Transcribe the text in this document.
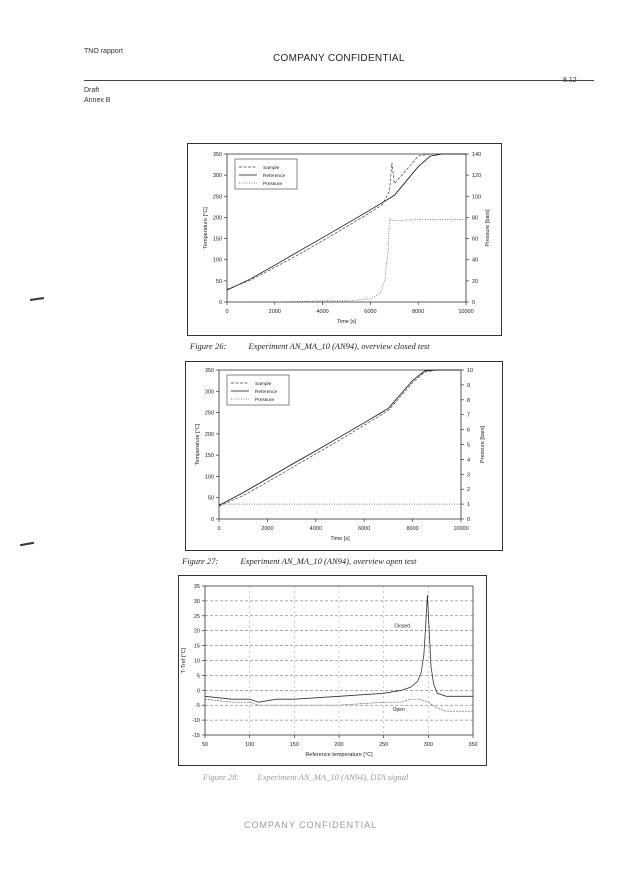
TNO rapport
COMPANY CONFIDENTIAL
8.12
Draft
Annex B
0	2000	4000	6000	8000	10000
0
50
100
150
200
250
300
350
0
20
40
60
80
100
120
140
Time [s]
Temperature [°C]	Pressure [bars]
Sample
Reference
Pressure
Figure 26:	Experiment AN_MA_10 (AN94), overview closed test
0	2000	4000	6000	8000	10000
0
50
100
150
200
250
300
350
0
1
2
3
4
5
6
7
8
9
10
Time [s]
Temperature [°C]	Pressure [bars]
Sample
Reference
Pressure
Figure 27:	Experiment AN_MA_10 (AN94), overview open test
50	100	150	200	250	300	350
35
30
25
20
15
10
5
0
-5
-10
-15
Reference temperature [°C]
T-Tref [°C]
Closed
Open
Figure 28: Experiment AN_MA_10 (AN94), DTA signal
COMPANY CONFIDENTIAL
